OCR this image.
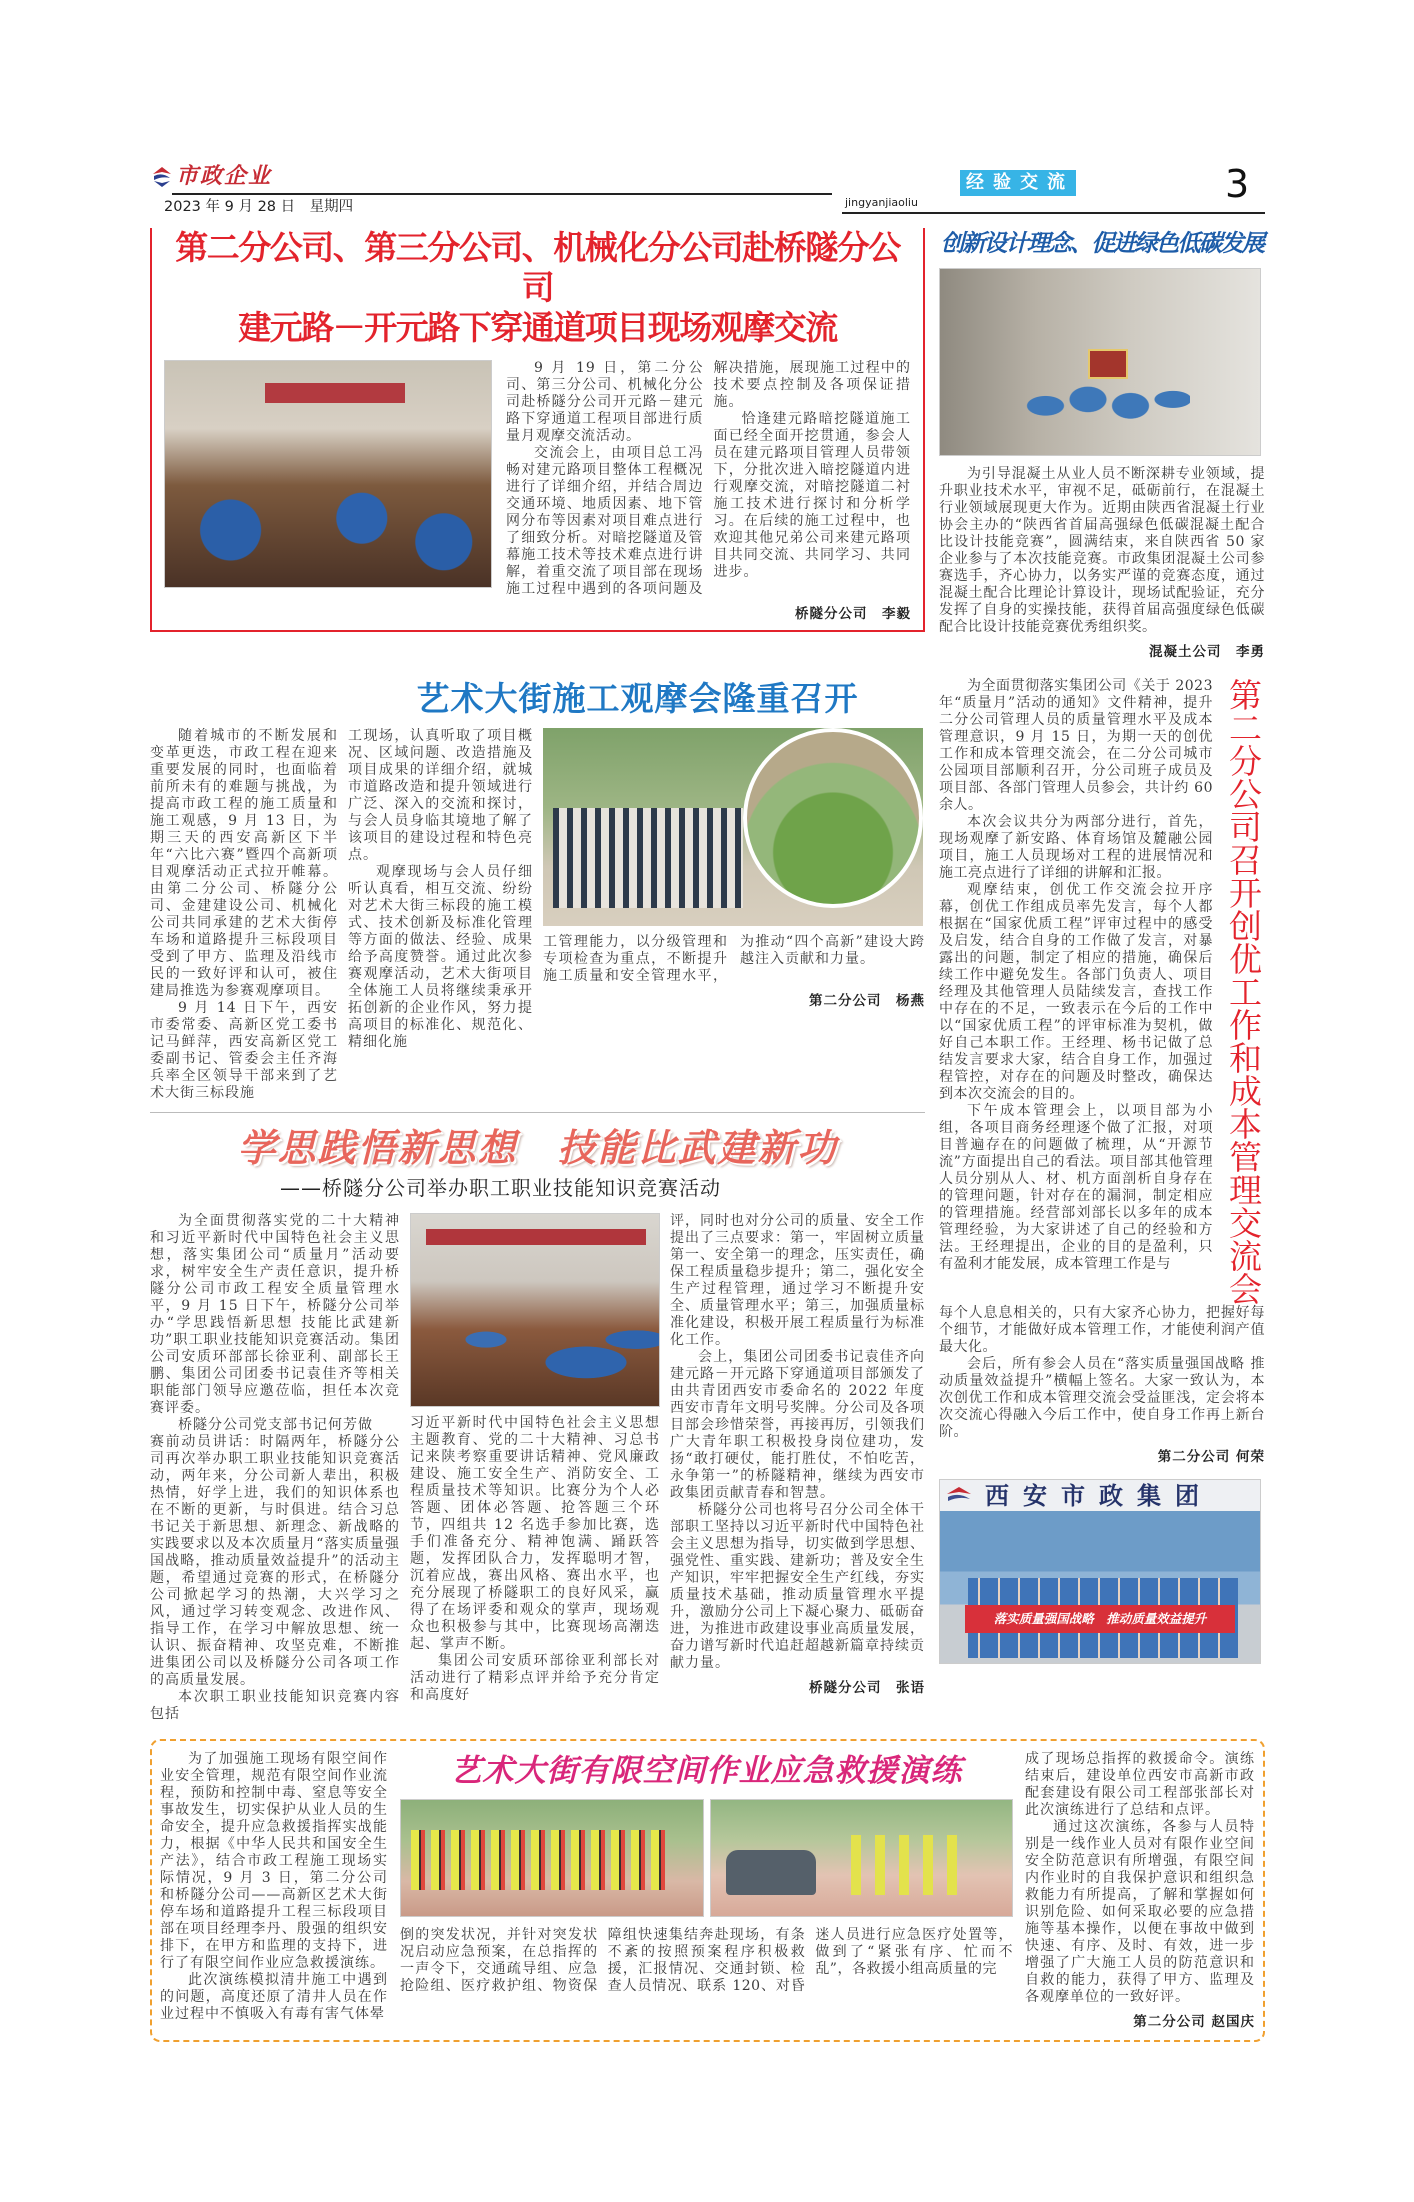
市政企业
2023 年 9 月 28 日　星期四	jingyanjiaoliu
经验交流	3
第二分公司、第三分公司、机械化分公司赴桥隧分公司
建元路－开元路下穿通道项目现场观摩交流

9 月 19 日，第二分公司、第三分公司、机械化分公司赴桥隧分公司开元路－建元路下穿通道工程项目部进行质量月观摩交流活动。

交流会上，由项目总工冯畅对建元路项目整体工程概况进行了详细介绍，并结合周边交通环境、地质因素、地下管网分布等因素对项目难点进行了细致分析。对暗挖隧道及管幕施工技术等技术难点进行讲解，着重交流了项目部在现场施工过程中遇到的各项问题及解决措施，展现施工过程中的技术要点控制及各项保证措施。

恰逢建元路暗挖隧道施工面已经全面开挖贯通，参会人员在建元路项目管理人员带领下，分批次进入暗挖隧道内进行观摩交流，对暗挖隧道二衬施工技术进行探讨和分析学习。在后续的施工过程中，也欢迎其他兄弟公司来建元路项目共同交流、共同学习、共同进步。

桥隧分公司　李毅
创新设计理念、促进绿色低碳发展

为引导混凝土从业人员不断深耕专业领域，提升职业技术水平，审视不足，砥砺前行，在混凝土行业领域展现更大作为。近期由陕西省混凝土行业协会主办的“陕西省首届高强绿色低碳混凝土配合比设计技能竞赛”，圆满结束，来自陕西省 50 家企业参与了本次技能竞赛。市政集团混凝土公司参赛选手，齐心协力，以务实严谨的竞赛态度，通过混凝土配合比理论计算设计，现场试配验证，充分发挥了自身的实操技能，获得首届高强度绿色低碳配合比设计技能竞赛优秀组织奖。

混凝土公司　李勇
艺术大街施工观摩会隆重召开

随着城市的不断发展和变革更迭，市政工程在迎来重要发展的同时，也面临着前所未有的难题与挑战，为提高市政工程的施工质量和施工观感，9 月 13 日，为期三天的西安高新区下半年“六比六赛”暨四个高新项目观摩活动正式拉开帷幕。由第二分公司、桥隧分公司、金建建设公司、机械化公司共同承建的艺术大街停车场和道路提升三标段项目受到了甲方、监理及沿线市民的一致好评和认可，被住建局推选为参赛观摩项目。

9 月 14 日下午，西安市委常委、高新区党工委书记马鲜萍，西安高新区党工委副书记、管委会主任齐海兵率全区领导干部来到了艺术大街三标段施

工现场，认真听取了项目概况、区域问题、改造措施及项目成果的详细介绍，就城市道路改造和提升领域进行广泛、深入的交流和探讨，与会人员身临其境地了解了该项目的建设过程和特色亮点。

观摩现场与会人员仔细听认真看，相互交流、纷纷对艺术大街三标段的施工模式、技术创新及标准化管理等方面的做法、经验、成果给予高度赞誉。通过此次参赛观摩活动，艺术大街项目全体施工人员将继续秉承开拓创新的企业作风，努力提高项目的标准化、规范化、精细化施

工管理能力，以分级管理和专项检查为重点，不断提升施工质量和安全管理水平，为推动“四个高新”建设大跨越注入贡献和力量。

第二分公司　杨燕
学思践悟新思想　技能比武建新功
——桥隧分公司举办职工职业技能知识竞赛活动

为全面贯彻落实党的二十大精神和习近平新时代中国特色社会主义思想，落实集团公司“质量月”活动要求，树牢安全生产责任意识，提升桥隧分公司市政工程安全质量管理水平，9 月 15 日下午，桥隧分公司举办“学思践悟新思想 技能比武建新功”职工职业技能知识竞赛活动。集团公司安质环部部长徐亚利、副部长王鹏、集团公司团委书记袁佳齐等相关职能部门领导应邀莅临，担任本次竞赛评委。

桥隧分公司党支部书记何芳做

赛前动员讲话：时隔两年，桥隧分公司再次举办职工职业技能知识竞赛活动，两年来，分公司新人辈出，积极热情，好学上进，我们的知识体系也在不断的更新，与时俱进。结合习总书记关于新思想、新理念、新战略的实践要求以及本次质量月“落实质量强国战略，推动质量效益提升”的活动主题，希望通过竞赛的形式，在桥隧分公司掀起学习的热潮，大兴学习之风，通过学习转变观念、改进作风、指导工作，在学习中解放思想、统一认识、振奋精神、攻坚克难，不断推进集团公司以及桥隧分公司各项工作的高质量发展。

本次职工职业技能知识竞赛内容包括

习近平新时代中国特色社会主义思想主题教育、党的二十大精神、习总书记来陕考察重要讲话精神、党风廉政建设、施工安全生产、消防安全、工程质量技术等知识。比赛分为个人必答题、团体必答题、抢答题三个环节，四组共 12 名选手参加比赛，选手们准备充分、精神饱满、踊跃答题，发挥团队合力，发挥聪明才智，沉着应战，赛出风格、赛出水平，也充分展现了桥隧职工的良好风采，赢得了在场评委和观众的掌声，现场观众也积极参与其中，比赛现场高潮迭起、掌声不断。

集团公司安质环部徐亚利部长对活动进行了精彩点评并给予充分肯定和高度好

评，同时也对分公司的质量、安全工作提出了三点要求：第一，牢固树立质量第一、安全第一的理念，压实责任，确保工程质量稳步提升；第二，强化安全生产过程管理，通过学习不断提升安全、质量管理水平；第三，加强质量标准化建设，积极开展工程质量行为标准化工作。

会上，集团公司团委书记袁佳齐向建元路－开元路下穿通道项目部颁发了由共青团西安市委命名的 2022 年度西安市青年文明号奖牌。分公司及各项目部会珍惜荣誉，再接再厉，引领我们广大青年职工积极投身岗位建功，发扬“敢打硬仗，能打胜仗，不怕吃苦，永争第一”的桥隧精神，继续为西安市政集团贡献青春和智慧。

桥隧分公司也将号召分公司全体干部职工坚持以习近平新时代中国特色社会主义思想为指导，切实做到学思想、强党性、重实践、建新功；普及安全生产知识，牢牢把握安全生产红线，夯实质量技术基础，推动质量管理水平提升，激励分公司上下凝心聚力、砥砺奋进，为推进市政建设事业高质量发展，奋力谱写新时代追赶超越新篇章持续贡献力量。

桥隧分公司　张语

为全面贯彻落实集团公司《关于 2023 年“质量月”活动的通知》文件精神，提升二分公司管理人员的质量管理水平及成本管理意识，9 月 15 日，为期一天的创优工作和成本管理交流会，在二分公司城市公园项目部顺利召开，分公司班子成员及项目部、各部门管理人员参会，共计约 60 余人。

本次会议共分为两部分进行，首先，现场观摩了新安路、体育场馆及麓融公园项目，施工人员现场对工程的进展情况和施工亮点进行了详细的讲解和汇报。

观摩结束，创优工作交流会拉开序幕，创优工作组成员率先发言，每个人都根据在“国家优质工程”评审过程中的感受及启发，结合自身的工作做了发言，对暴露出的问题，制定了相应的措施，确保后续工作中避免发生。各部门负责人、项目经理及其他管理人员陆续发言，查找工作中存在的不足，一致表示在今后的工作中以“国家优质工程”的评审标准为契机，做好自己本职工作。王经理、杨书记做了总结发言要求大家，结合自身工作，加强过程管控，对存在的问题及时整改，确保达到本次交流会的目的。

下午成本管理会上，以项目部为小组，各项目商务经理逐个做了汇报，对项目普遍存在的问题做了梳理，从“开源节流”方面提出自己的看法。项目部其他管理人员分别从人、材、机方面剖析自身存在的管理问题，针对存在的漏洞，制定相应的管理措施。经营部刘部长以多年的成本管理经验，为大家讲述了自己的经验和方法。王经理提出，企业的目的是盈利，只有盈利才能发展，成本管理工作是与	第二分公司召开创优工作和成本管理交流会

每个人息息相关的，只有大家齐心协力，把握好每个细节，才能做好成本管理工作，才能使利润产值最大化。

会后，所有参会人员在“落实质量强国战略 推动质量效益提升”横幅上签名。大家一致认为，本次创优工作和成本管理交流会受益匪浅，定会将本次交流心得融入今后工作中，使自身工作再上新台阶。

第二分公司 何荣
西安市政集团
落实质量强国战略　推动质量效益提升

为了加强施工现场有限空间作业安全管理，规范有限空间作业流程，预防和控制中毒、窒息等安全事故发生，切实保护从业人员的生命安全，提升应急救援指挥实战能力，根据《中华人民共和国安全生产法》，结合市政工程施工现场实际情况，9 月 3 日，第二分公司和桥隧分公司——高新区艺术大街停车场和道路提升工程三标段项目部在项目经理李丹、殷强的组织安排下，在甲方和监理的支持下，进行了有限空间作业应急救援演练。

此次演练模拟清井施工中遇到的问题，高度还原了清井人员在作业过程中不慎吸入有毒有害气体晕

艺术大街有限空间作业应急救援演练

倒的突发状况，并针对突发状况启动应急预案，在总指挥的一声令下，交通疏导组、应急抢险组、医疗救护组、物资保障组快速集结奔赴现场，有条不紊的按照预案程序积极救援，汇报情况、交通封锁、检查人员情况、联系 120、对昏迷人员进行应急医疗处置等，做到了“紧张有序、忙而不乱”，各救援小组高质量的完

成了现场总指挥的救援命令。演练结束后，建设单位西安市高新市政配套建设有限公司工程部张部长对此次演练进行了总结和点评。

通过这次演练，各参与人员特别是一线作业人员对有限作业空间安全防范意识有所增强，有限空间内作业时的自我保护意识和组织急救能力有所提高，了解和掌握如何识别危险、如何采取必要的应急措施等基本操作，以便在事故中做到快速、有序、及时、有效，进一步增强了广大施工人员的防范意识和自救的能力，获得了甲方、监理及各观摩单位的一致好评。

第二分公司 赵国庆
